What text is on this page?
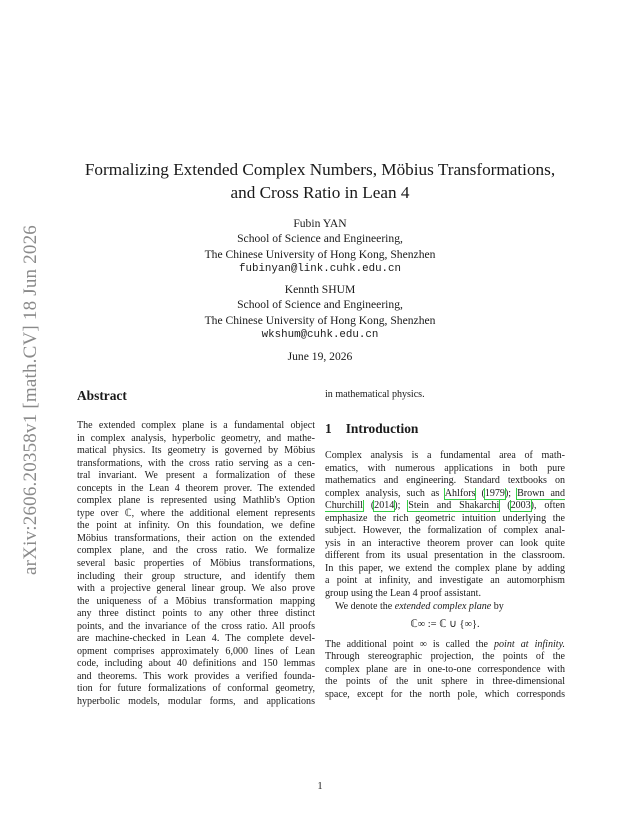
arXiv:2606.20358v1 [math.CV] 18 Jun 2026
Formalizing Extended Complex Numbers, Möbius Transformations,
and Cross Ratio in Lean 4
Fubin YAN
School of Science and Engineering,
The Chinese University of Hong Kong, Shenzhen
fubinyan@link.cuhk.edu.cn
Kennth SHUM
School of Science and Engineering,
The Chinese University of Hong Kong, Shenzhen
wkshum@cuhk.edu.cn
June 19, 2026
Abstract
The extended complex plane is a fundamental object
in complex analysis, hyperbolic geometry, and mathe-
matical physics. Its geometry is governed by Möbius
transformations, with the cross ratio serving as a cen-
tral invariant. We present a formalization of these
concepts in the Lean 4 theorem prover. The extended
complex plane is represented using Mathlib's Option
type over ℂ, where the additional element represents
the point at infinity. On this foundation, we define
Möbius transformations, their action on the extended
complex plane, and the cross ratio. We formalize
several basic properties of Möbius transformations,
including their group structure, and identify them
with a projective general linear group. We also prove
the uniqueness of a Möbius transformation mapping
any three distinct points to any other three distinct
points, and the invariance of the cross ratio. All proofs
are machine-checked in Lean 4. The complete devel-
opment comprises approximately 6,000 lines of Lean
code, including about 40 definitions and 150 lemmas
and theorems. This work provides a verified founda-
tion for future formalizations of conformal geometry,
hyperbolic models, modular forms, and applications
in mathematical physics.
1 Introduction
Complex analysis is a fundamental area of math-
ematics, with numerous applications in both pure
mathematics and engineering. Standard textbooks on
complex analysis, such as Ahlfors (1979); Brown and
Churchill (2014); Stein and Shakarchi (2003), often
emphasize the rich geometric intuition underlying the
subject. However, the formalization of complex anal-
ysis in an interactive theorem prover can look quite
different from its usual presentation in the classroom.
In this paper, we extend the complex plane by adding
a point at infinity, and investigate an automorphism
group using the Lean 4 proof assistant.
We denote the extended complex plane by
ℂ∞ := ℂ ∪ {∞}.
The additional point ∞ is called the point at infinity.
Through stereographic projection, the points of the
complex plane are in one-to-one correspondence with
the points of the unit sphere in three-dimensional
space, except for the north pole, which corresponds
1
